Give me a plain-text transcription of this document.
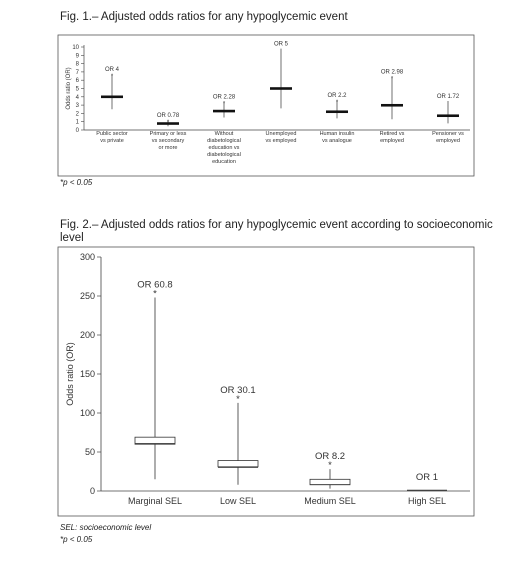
Fig. 1.– Adjusted odds ratios for any hypoglycemic event
Fig. 2.– Adjusted odds ratios for any hypoglycemic event according to socioeconomic level
*p < 0.05
SEL: socioeconomic level
*p < 0.05
0
1
2
3
4
5
6
7
8
9
10
Odds ratio (OR)	*
OR 4
Public sector
vs private
*
OR 0.78
Primary or less
vs secondary
or more
*
OR 2.28
Without
diabetological
education vs
diabetological
education
OR 5
Unemployed
vs employed
*
OR 2.2
Human insulin
vs analogue
*
OR 2.98
Retired vs
employed
OR 1.72
Pensioner vs
employed
0
50
100
150
200
250
300
Odds ratio (OR)
*
OR 60.8
Marginal SEL
*
OR 30.1
Low SEL
*
OR 8.2
Medium SEL
OR 1
High SEL
